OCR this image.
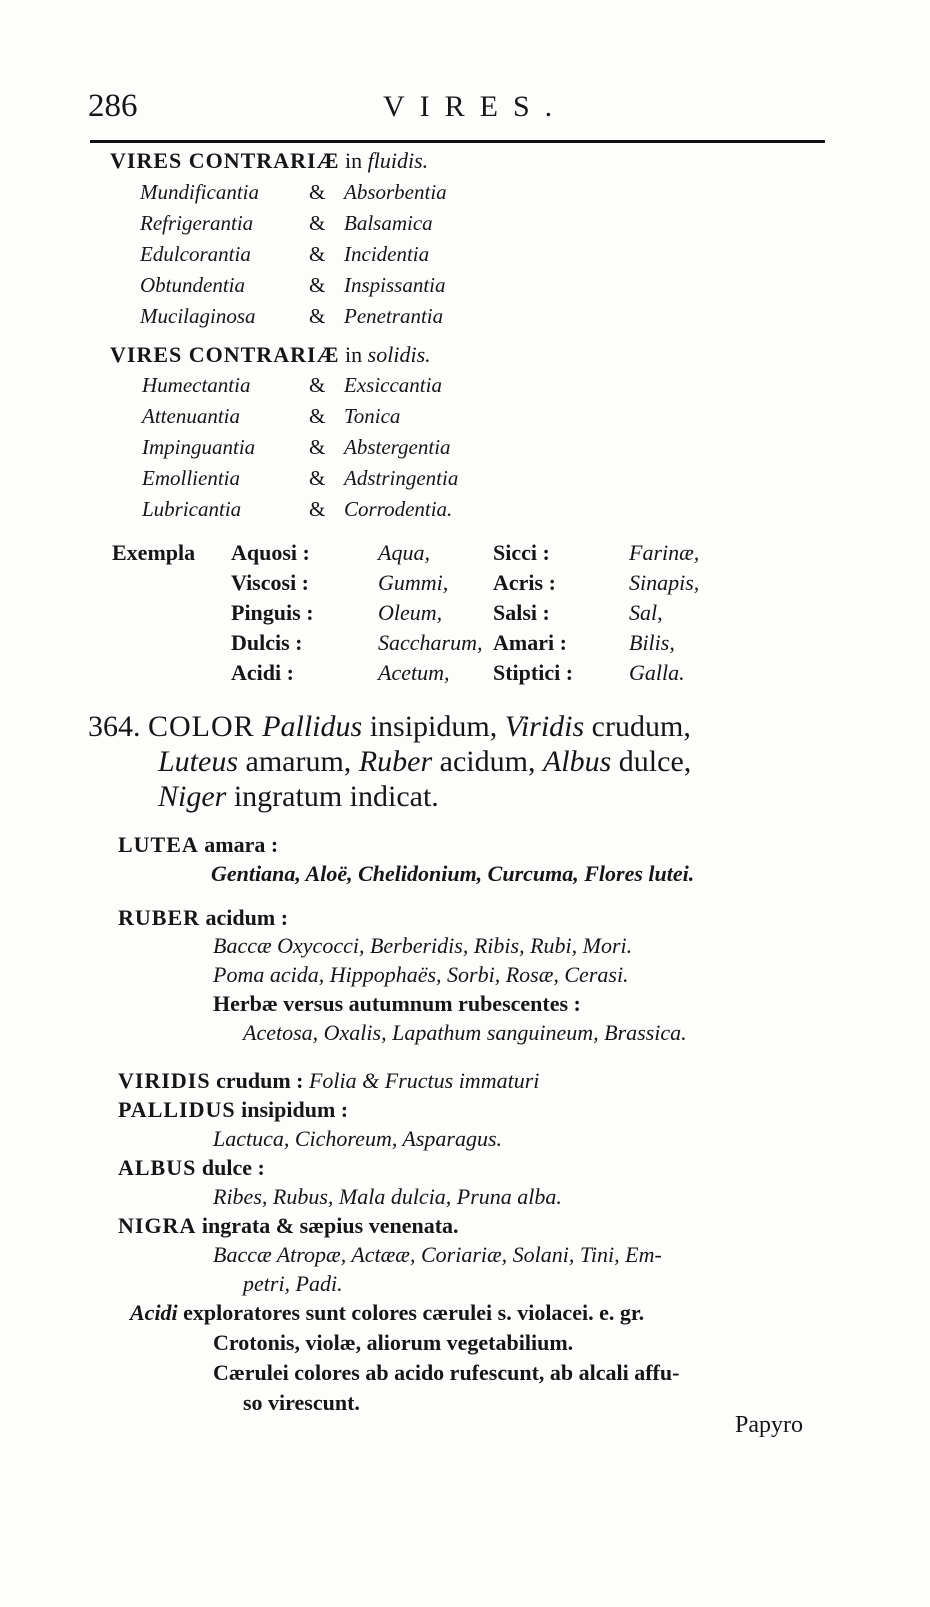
286	VIRES.
VIRES CONTRARIÆ in fluidis.
Mundificantia & Absorbentia
Refrigerantia	& Balsamica
Edulcorantia	& Incidentia
Obtundentia	& Inspissantia
Mucilaginosa	& Penetrantia
VIRES CONTRARIÆ in solidis.
Humectantia	& Exsiccantia
Attenuantia	& Tonica
Impinguantia	& Abstergentia
Emollientia	& Adstringentia
Lubricantia	& Corrodentia.
Exempla Aquosi :	Aqua,	Sicci :	Farinæ,
Viscosi :	Gummi, Acris :	Sinapis,
Pinguis :	Oleum, Salsi :	Sal,
Dulcis :	Saccharum, Amari :	Bilis,
Acidi :	Acetum, Stiptici :	Galla.
364. COLOR Pallidus insipidum, Viridis crudum,
Luteus amarum, Ruber acidum, Albus dulce,
Niger ingratum indicat.
LUTEA amara :
Gentiana, Aloë, Chelidonium, Curcuma, Flores lutei.
RUBER acidum :
Baccæ Oxycocci, Berberidis, Ribis, Rubi, Mori.
Poma acida, Hippophaës, Sorbi, Rosæ, Cerasi.
Herbæ versus autumnum rubescentes :
Acetosa, Oxalis, Lapathum sanguineum, Brassica.
VIRIDIS crudum : Folia & Fructus immaturi
PALLIDUS insipidum :
Lactuca, Cichoreum, Asparagus.
ALBUS dulce :
Ribes, Rubus, Mala dulcia, Pruna alba.
NIGRA ingrata & sæpius venenata.
Baccæ Atropæ, Actææ, Coriariæ, Solani, Tini, Em-
petri, Padi.
Acidi exploratores sunt colores cærulei s. violacei. e. gr.
Crotonis, violæ, aliorum vegetabilium.
Cærulei colores ab acido rufescunt, ab alcali affu-
so virescunt.
Papyro
